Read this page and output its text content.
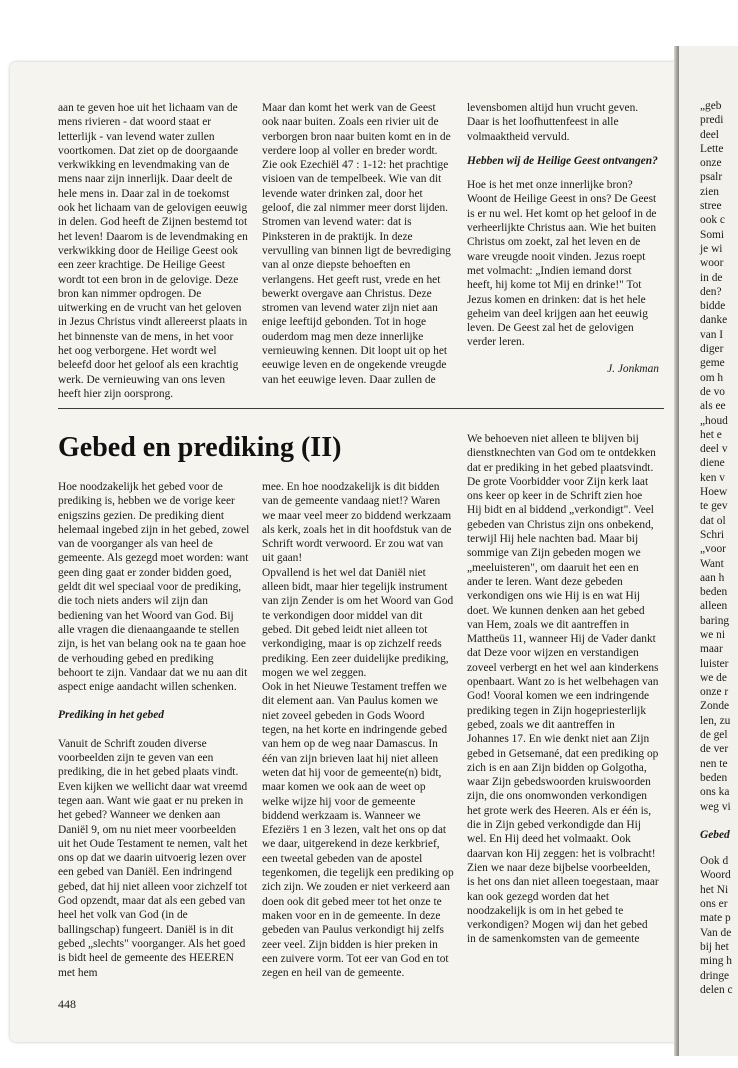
aan te geven hoe uit het lichaam van de mens rivieren - dat woord staat er letterlijk - van levend water zullen voortkomen. Dat ziet op de doorgaande verkwikking en levendmaking van de mens naar zijn innerlijk. Daar deelt de hele mens in. Daar zal in de toekomst ook het lichaam van de gelovigen eeuwig in delen. God heeft de Zijnen bestemd tot het leven! Daarom is de levendmaking en verkwikking door de Heilige Geest ook een zeer krachtige. De Heilige Geest wordt tot een bron in de gelovige. Deze bron kan nimmer opdrogen. De uitwerking en de vrucht van het geloven in Jezus Christus vindt allereerst plaats in het binnenste van de mens, in het voor het oog verborgene. Het wordt wel beleefd door het geloof als een krachtig werk. De vernieuwing van ons leven heeft hier zijn oorsprong.

Maar dan komt het werk van de Geest ook naar buiten. Zoals een rivier uit de verborgen bron naar buiten komt en in de verdere loop al voller en breder wordt. Zie ook Ezechiël 47 : 1-12: het prachtige visioen van de tempelbeek. Wie van dit levende water drinken zal, door het geloof, die zal nimmer meer dorst lijden.

Stromen van levend water: dat is Pinksteren in de praktijk. In deze vervulling van binnen ligt de bevrediging van al onze diepste behoeften en verlangens. Het geeft rust, vrede en het bewerkt overgave aan Christus. Deze stromen van levend water zijn niet aan enige leeftijd gebonden. Tot in hoge ouderdom mag men deze innerlijke vernieuwing kennen. Dit loopt uit op het eeuwige leven en de ongekende vreugde van het eeuwige leven. Daar zullen de

levensbomen altijd hun vrucht geven. Daar is het loofhuttenfeest in alle volmaaktheid vervuld.

Hebben wij de Heilige Geest ontvangen?

Hoe is het met onze innerlijke bron? Woont de Heilige Geest in ons? De Geest is er nu wel. Het komt op het geloof in de verheerlijkte Christus aan. Wie het buiten Christus om zoekt, zal het leven en de ware vreugde nooit vinden. Jezus roept met volmacht: „Indien iemand dorst heeft, hij kome tot Mij en drinke!" Tot Jezus komen en drinken: dat is het hele geheim van deel krijgen aan het eeuwig leven. De Geest zal het de gelovigen verder leren.

J. Jonkman

Gebed en prediking (II)

Hoe noodzakelijk het gebed voor de prediking is, hebben we de vorige keer enigszins gezien. De prediking dient helemaal ingebed zijn in het gebed, zowel van de voorganger als van heel de gemeente. Als gezegd moet worden: want geen ding gaat er zonder bidden goed, geldt dit wel speciaal voor de prediking, die toch niets anders wil zijn dan bediening van het Woord van God. Bij alle vragen die dienaangaande te stellen zijn, is het van belang ook na te gaan hoe de verhouding gebed en prediking behoort te zijn. Vandaar dat we nu aan dit aspect enige aandacht willen schenken.

Prediking in het gebed

Vanuit de Schrift zouden diverse voorbeelden zijn te geven van een prediking, die in het gebed plaats vindt. Even kijken we wellicht daar wat vreemd tegen aan. Want wie gaat er nu preken in het gebed? Wanneer we denken aan Daniël 9, om nu niet meer voorbeelden uit het Oude Testament te nemen, valt het ons op dat we daarin uitvoerig lezen over een gebed van Daniël. Een indringend gebed, dat hij niet alleen voor zichzelf tot God opzendt, maar dat als een gebed van heel het volk van God (in de ballingschap) fungeert. Daniël is in dit gebed „slechts" voorganger. Als het goed is bidt heel de gemeente des HEEREN met hem

mee. En hoe noodzakelijk is dit bidden van de gemeente vandaag niet!? Waren we maar veel meer zo biddend werkzaam als kerk, zoals het in dit hoofdstuk van de Schrift wordt verwoord. Er zou wat van uit gaan!

Opvallend is het wel dat Daniël niet alleen bidt, maar hier tegelijk instrument van zijn Zender is om het Woord van God te verkondigen door middel van dit gebed. Dit gebed leidt niet alleen tot verkondiging, maar is op zichzelf reeds prediking. Een zeer duidelijke prediking, mogen we wel zeggen.

Ook in het Nieuwe Testament treffen we dit element aan. Van Paulus komen we niet zoveel gebeden in Gods Woord tegen, na het korte en indringende gebed van hem op de weg naar Damascus. In één van zijn brieven laat hij niet alleen weten dat hij voor de gemeente(n) bidt, maar komen we ook aan de weet op welke wijze hij voor de gemeente biddend werkzaam is. Wanneer we Efeziërs 1 en 3 lezen, valt het ons op dat we daar, uitgerekend in deze kerkbrief, een tweetal gebeden van de apostel tegenkomen, die tegelijk een prediking op zich zijn. We zouden er niet verkeerd aan doen ook dit gebed meer tot het onze te maken voor en in de gemeente. In deze gebeden van Paulus verkondigt hij zelfs zeer veel. Zijn bidden is hier preken in een zuivere vorm. Tot eer van God en tot zegen en heil van de gemeente.

We behoeven niet alleen te blijven bij dienstknechten van God om te ontdekken dat er prediking in het gebed plaatsvindt.

De grote Voorbidder voor Zijn kerk laat ons keer op keer in de Schrift zien hoe Hij bidt en al biddend „verkondigt". Veel gebeden van Christus zijn ons onbekend, terwijl Hij hele nachten bad. Maar bij sommige van Zijn gebeden mogen we „meeluisteren", om daaruit het een en ander te leren. Want deze gebeden verkondigen ons wie Hij is en wat Hij doet. We kunnen denken aan het gebed van Hem, zoals we dit aantreffen in Mattheüs 11, wanneer Hij de Vader dankt dat Deze voor wijzen en verstandigen zoveel verbergt en het wel aan kinderkens openbaart. Want zo is het welbehagen van God! Vooral komen we een indringende prediking tegen in Zijn hogepriesterlijk gebed, zoals we dit aantreffen in Johannes 17. En wie denkt niet aan Zijn gebed in Getsemané, dat een prediking op zich is en aan Zijn bidden op Golgotha, waar Zijn gebedswoorden kruiswoorden zijn, die ons onomwonden verkondigen het grote werk des Heeren. Als er één is, die in Zijn gebed verkondigde dan Hij wel. En Hij deed het volmaakt. Ook daarvan kon Hij zeggen: het is volbracht!

Zien we naar deze bijbelse voorbeelden, is het ons dan niet alleen toegestaan, maar kan ook gezegd worden dat het noodzakelijk is om in het gebed te verkondigen? Mogen wij dan het gebed in de samenkomsten van de gemeente

448

„geb

predi

deel

Lette

onze

psalr

zien

stree

ook c

Somi

je wi

woor

in de

den?

bidde

danke

van I

diger

geme

om h

de vo

als ee

„houd

het e

deel v

diene

ken v

Hoew

te gev

dat ol

Schri

„voor

Want

aan h

beden

alleen

baring

we ni

maar

luister

we de

onze r

Zonde

len, zu

de gel

de ver

nen te

beden

ons ka

weg vi

Gebed

Ook d

Woord

het Ni

ons er

mate p

Van de

bij het

ming h

dringe

delen c
